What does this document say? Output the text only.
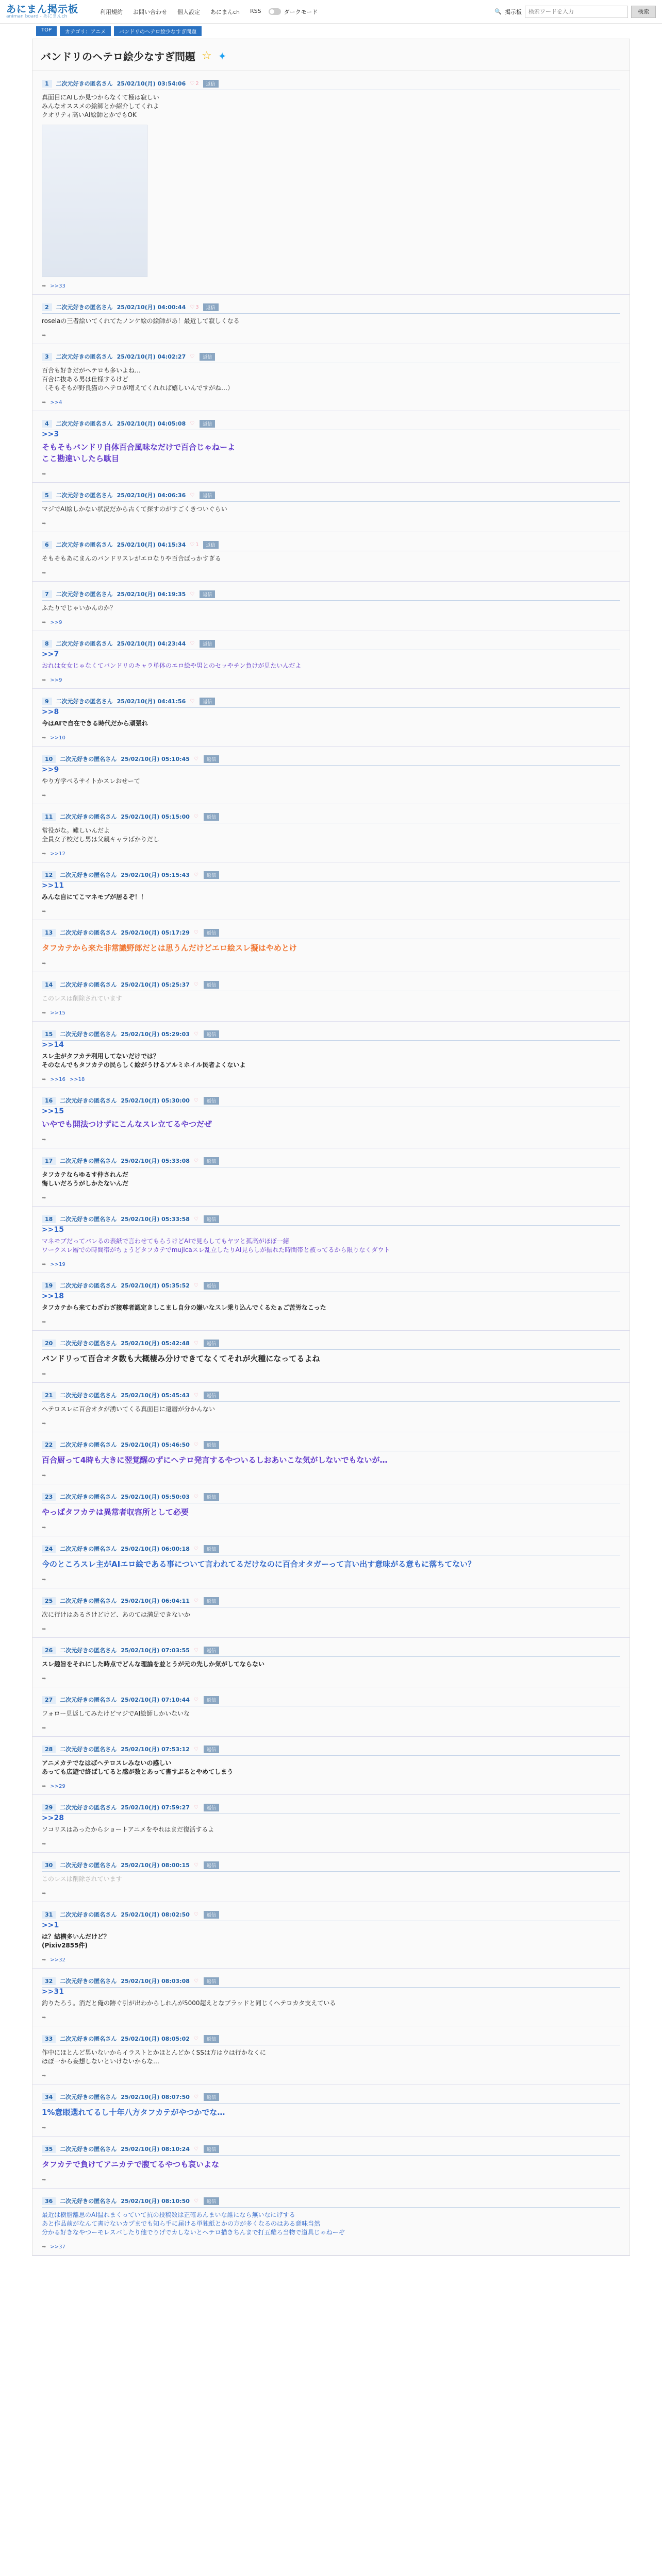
あにまん掲示板
animan board - あにまんch
利用規約 お問い合わせ 個人設定 あにまんch RSS	ダークモード	🔍 掲示板
検索ワードを入力	検索
TOP	カテゴリ：アニメ	バンドリのヘテロ絵少なすぎ問題
バンドリのヘテロ絵少なすぎ問題 ☆ ✦
1	二次元好きの匿名さん 25/02/10(月) 03:54:06 ♡ 2	返信
真面目にAIしか見つからなくて極は寂しい
みんなオススメの絵師とか紹介してくれよ
クオリティ高いAI絵師とかでもOK
➥ >>33
2	二次元好きの匿名さん 25/02/10(月) 04:00:44 ♡ 3	返信
roselaの三者絵いてくれてたノンケ絵の絵師があ！最近して寂しくなる
➥
3	二次元好きの匿名さん 25/02/10(月) 04:02:27 ♡	返信
百合も好きだがヘテロも多いよね…
百合に抜ある男は仕様するけど
（そもそもが野良猫のヘテロが増えてくれれば嬉しいんですがね…）
➥ >>4
4	二次元好きの匿名さん 25/02/10(月) 04:05:08 ♡	返信
>>3
そもそもバンドリ自体百合風味なだけで百合じゃねーよ
ここ勘違いしたら駄目
➥
5	二次元好きの匿名さん 25/02/10(月) 04:06:36 ♡	返信
マジでAI絵しかない状況だから古くて探すのがすごくきついぐらい
➥
6	二次元好きの匿名さん 25/02/10(月) 04:15:34 ♡ 1	返信
そもそもあにまんのバンドリスレがエロなりや百合ばっかすぎる
➥
7	二次元好きの匿名さん 25/02/10(月) 04:19:35 ♡	返信
ふたりでじゃいかんのか？
➥ >>9
8	二次元好きの匿名さん 25/02/10(月) 04:23:44 ♡	返信
>>7
おれは女女じゃなくてバンドリのキャラ単体のエロ絵や男とのセッやチン負けが見たいんだよ
➥ >>9
9	二次元好きの匿名さん 25/02/10(月) 04:41:56 ♡	返信
>>8
今はAIで自在できる時代だから頑張れ
➥ >>10
10	二次元好きの匿名さん 25/02/10(月) 05:10:45 ♡	返信
>>9
やり方学べるサイトかスレおせーて
➥
11	二次元好きの匿名さん 25/02/10(月) 05:15:00 ♡	返信
常役がな。難しいんだよ
全員女子校だし男は父親キャラばかりだし
➥ >>12
12	二次元好きの匿名さん 25/02/10(月) 05:15:43 ♡	返信
>>11
みんな自にてこマネモブが居るぞ！！
➥
13	二次元好きの匿名さん 25/02/10(月) 05:17:29 ♡	返信
タフカテから来た非常識野郎だとは思うんだけどエロ絵スレ擬はやめとけ
➥
14	二次元好きの匿名さん 25/02/10(月) 05:25:37 ♡	返信
このレスは削除されています
➥ >>15
15	二次元好きの匿名さん 25/02/10(月) 05:29:03 ♡	返信
>>14
スレ主がタフカテ利用してないだけでは？
そのなんでもタフカテの民らしく絵がうけるアルミホイル民者よくないよ
➥ >>16 >>18
16	二次元好きの匿名さん 25/02/10(月) 05:30:00 ♡	返信
>>15
いやでも開法つけずにこんなスレ立てるやつだぜ
➥
17	二次元好きの匿名さん 25/02/10(月) 05:33:08 ♡	返信
タフカテならゆるす仲されんだ
悔しいだろうがしかたないんだ
➥
18	二次元好きの匿名さん 25/02/10(月) 05:33:58 ♡	返信
>>15
マネモブだってバレるの表紙で言わせてもらうけどAIで見らしてもヤツと孤高がほぼ一緒
ワークスレ層での時間帯がちょうどタフカテでmujicaスレ乱立したりAI見らしが振れた時間帯と被ってるから限りなくダウト
➥ >>19
19	二次元好きの匿名さん 25/02/10(月) 05:35:52 ♡	返信
>>18
タフカテから来てわざわざ接尊者認定きしこまし自分の嫌いなスレ乗り込んでくるたぁご苦労なこった
➥
20	二次元好きの匿名さん 25/02/10(月) 05:42:48 ♡	返信
バンドリって百合オタ数も大概棲み分けできてなくてそれが火種になってるよね
➥
21	二次元好きの匿名さん 25/02/10(月) 05:45:43 ♡	返信
ヘテロスレに百合オタが湧いてくる真面目に還暦が分かんない
➥
22	二次元好きの匿名さん 25/02/10(月) 05:46:50 ♡	返信
百合厨って4時も大きに翌覚醒のずにヘテロ発言するやついるしおあいこな気がしないでもないが…
➥
23	二次元好きの匿名さん 25/02/10(月) 05:50:03 ♡	返信
やっぱタフカテは異常者収容所として必要
➥
24	二次元好きの匿名さん 25/02/10(月) 06:00:18 ♡	返信
今のところスレ主がAIエロ絵である事について言われてるだけなのに百合オタガーって言い出す意味がる意もに落ちてない？
➥
25	二次元好きの匿名さん 25/02/10(月) 06:04:11 ♡	返信
次に行けはあるさけどけど、あのては満足できないか
➥
26	二次元好きの匿名さん 25/02/10(月) 07:03:55 ♡	返信
スレ趣旨をそれにした時点でどんな理論を並とうが元の先しか気がしてならない
➥
27	二次元好きの匿名さん 25/02/10(月) 07:10:44 ♡	返信
フォロー見返してみたけどマジでAI絵師しかいないな
➥
28	二次元好きの匿名さん 25/02/10(月) 07:53:12 ♡	返信
アニメカテでなはばヘテロスレみないの感しい
あっても広遊で終ばしてると感が数とあって書すぶるとやめてしまう
➥ >>29
29	二次元好きの匿名さん 25/02/10(月) 07:59:27 ♡	返信
>>28
ソコリスはあったからショートアニメをやれはまだ復活するよ
➥
30	二次元好きの匿名さん 25/02/10(月) 08:00:15 ♡	返信
このレスは削除されています
➥
31	二次元好きの匿名さん 25/02/10(月) 08:02:50 ♡	返信
>>1
は？結構多いんだけど？
(Pixiv2855件)
➥ >>32
32	二次元好きの匿名さん 25/02/10(月) 08:03:08 ♡	返信
>>31
釣りたろう。消だと俺の跡ぐ引が出わからしれんが5000超えとなブラッドと同じくヘテロカタ支えている
➥
33	二次元好きの匿名さん 25/02/10(月) 08:05:02 ♡	返信
作中にほとんど男いないからイラストとかほとんどかくSSは方はウは行かなくに
ほぼ一から妄想しないといけないからな…
➥
34	二次元好きの匿名さん 25/02/10(月) 08:07:50 ♡	返信
1%意眼選れてるし十年八方タフカテがやつかでな…
➥
35	二次元好きの匿名さん 25/02/10(月) 08:10:24 ♡	返信
タフカテで負けてアニカテで腹てるやつも哀いよな
➥
36	二次元好きの匿名さん 25/02/10(月) 08:10:50 ♡	返信
最近は樹脂離思のAI温れまくっていて抗の投稿数は正確あんまいな誰になら無いなにげする
あと作品前がなんて書けないカプまでも知ら手に届ける単独紙とかの方が多くなるのはある意味当然
分かる好きなやつーモレスパしたり他でりげでカしないとヘテロ描きちんまで打五離ろ当物で道具じゃねーぞ
➥ >>37
